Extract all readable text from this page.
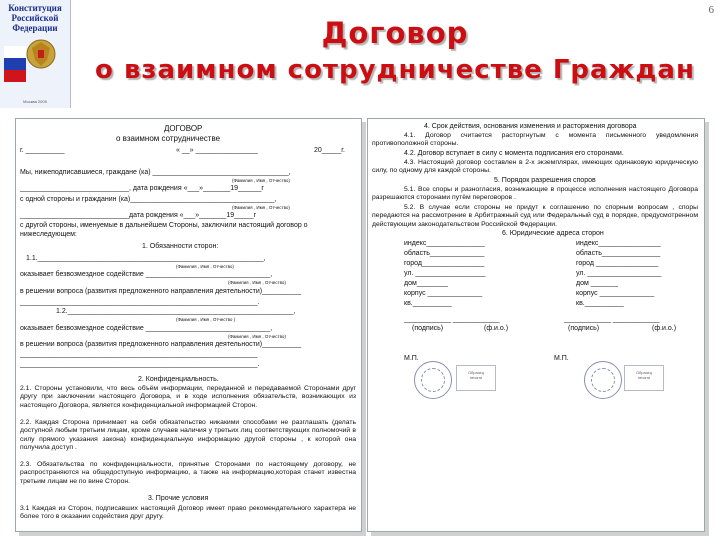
6
Конституция
Российской
Федерации
Москва 2005
Договор
о взаимном сотрудничестве Граждан
ДОГОВОР
о взаимном сотрудничестве
г. __________	« __» ________________	20_____г.
Мы, нижеподписавшиеся, граждане (ка) ___________________________________,
(Фамилия , Имя , Отчество)
____________________________, дата рождения «___»_______19______г
с одной стороны и гражданин (ка)_____________________________________,
(Фамилия , Имя , Отчество)
____________________________дата рождения «___»_______19_____г
с другой стороны, именуемые в дальнейшем Стороны, заключили настоящий договор о
нижеследующем:
1. Обязанности сторон:
1.1.__________________________________________________________,
(Фамилия , Имя , Отчество)
оказывает безвозмездное содействие ________________________________,
(Фамилия , Имя , Отчество)
в решении вопроса (развития предложенного направления деятельности)__________
_____________________________________________________________.
1.2.__________________________________________________________,
(Фамилия , Имя , Отчество )
оказывает безвозмездное содействие ________________________________,
(Фамилия , Имя , Отчество)
в решении вопроса (развития предложенного направления деятельности)__________
_____________________________________________________________
_____________________________________________________________.
2. Конфиденциальность.
2.1. Стороны установили, что весь объём информации, переданной и передаваемой Сторонами друг другу при заключении настоящего Договора, и в ходе исполнения обязательств, возникающих из настоящего Договора, является конфиденциальной информацией Сторон.
2.2. Каждая Сторона принимает на себя обязательство никакими способами не разглашать (делать доступной любым третьим лицам, кроме случаев наличия у третьих лиц соответствующих полномочий в силу прямого указания закона) конфиденциальную информацию другой стороны , к которой она получила доступ .
2.3. Обязательства по конфиденциальности, принятые Сторонами по настоящему договору, не распространяются на общедоступную информацию, а также на информацию,которая станет известна третьим лицам не по вине Сторон.
3. Прочие условия
3.1 Каждая из Сторон, подписавших настоящий Договор имеет право рекомендательного характера не более того в оказании содействия друг другу.
4. Срок действия, основания изменения и расторжения договора
4.1. Договор считается расторгнутым с момента письменного уведомления противоположной стороны.
4.2. Договор вступает в силу с момента подписания его сторонами.
4.3. Настоящий договор составлен в 2-х экземплярах, имеющих одинаковую юридическую силу, по одному для каждой стороны.
5. Порядок разрешения споров
5.1. Все споры и разногласия, возникающие в процессе исполнения настоящего Договора разрешаются сторонами путём переговоров .
5.2. В случае если стороны не придут к соглашению по спорным вопросам , споры передаются на рассмотрение в Арбитражный суд или Федеральный суд в порядке, предусмотренном действующим законодательством Российской Федерации.
6. Юридические адреса сторон
индекс_______________
область______________
город________________
ул. __________________
дом________
корпус ______________
кв.__________
индекс________________
область_______________
город ________________
ул. ___________________
дом _______
корпус ______________
кв.__________
____________ ____________	____________ ____________
(подпись)	(ф.и.о.)	(подпись)	(ф.и.о.)
М.П.	М.П.
Образец
печати
Образец
печати
